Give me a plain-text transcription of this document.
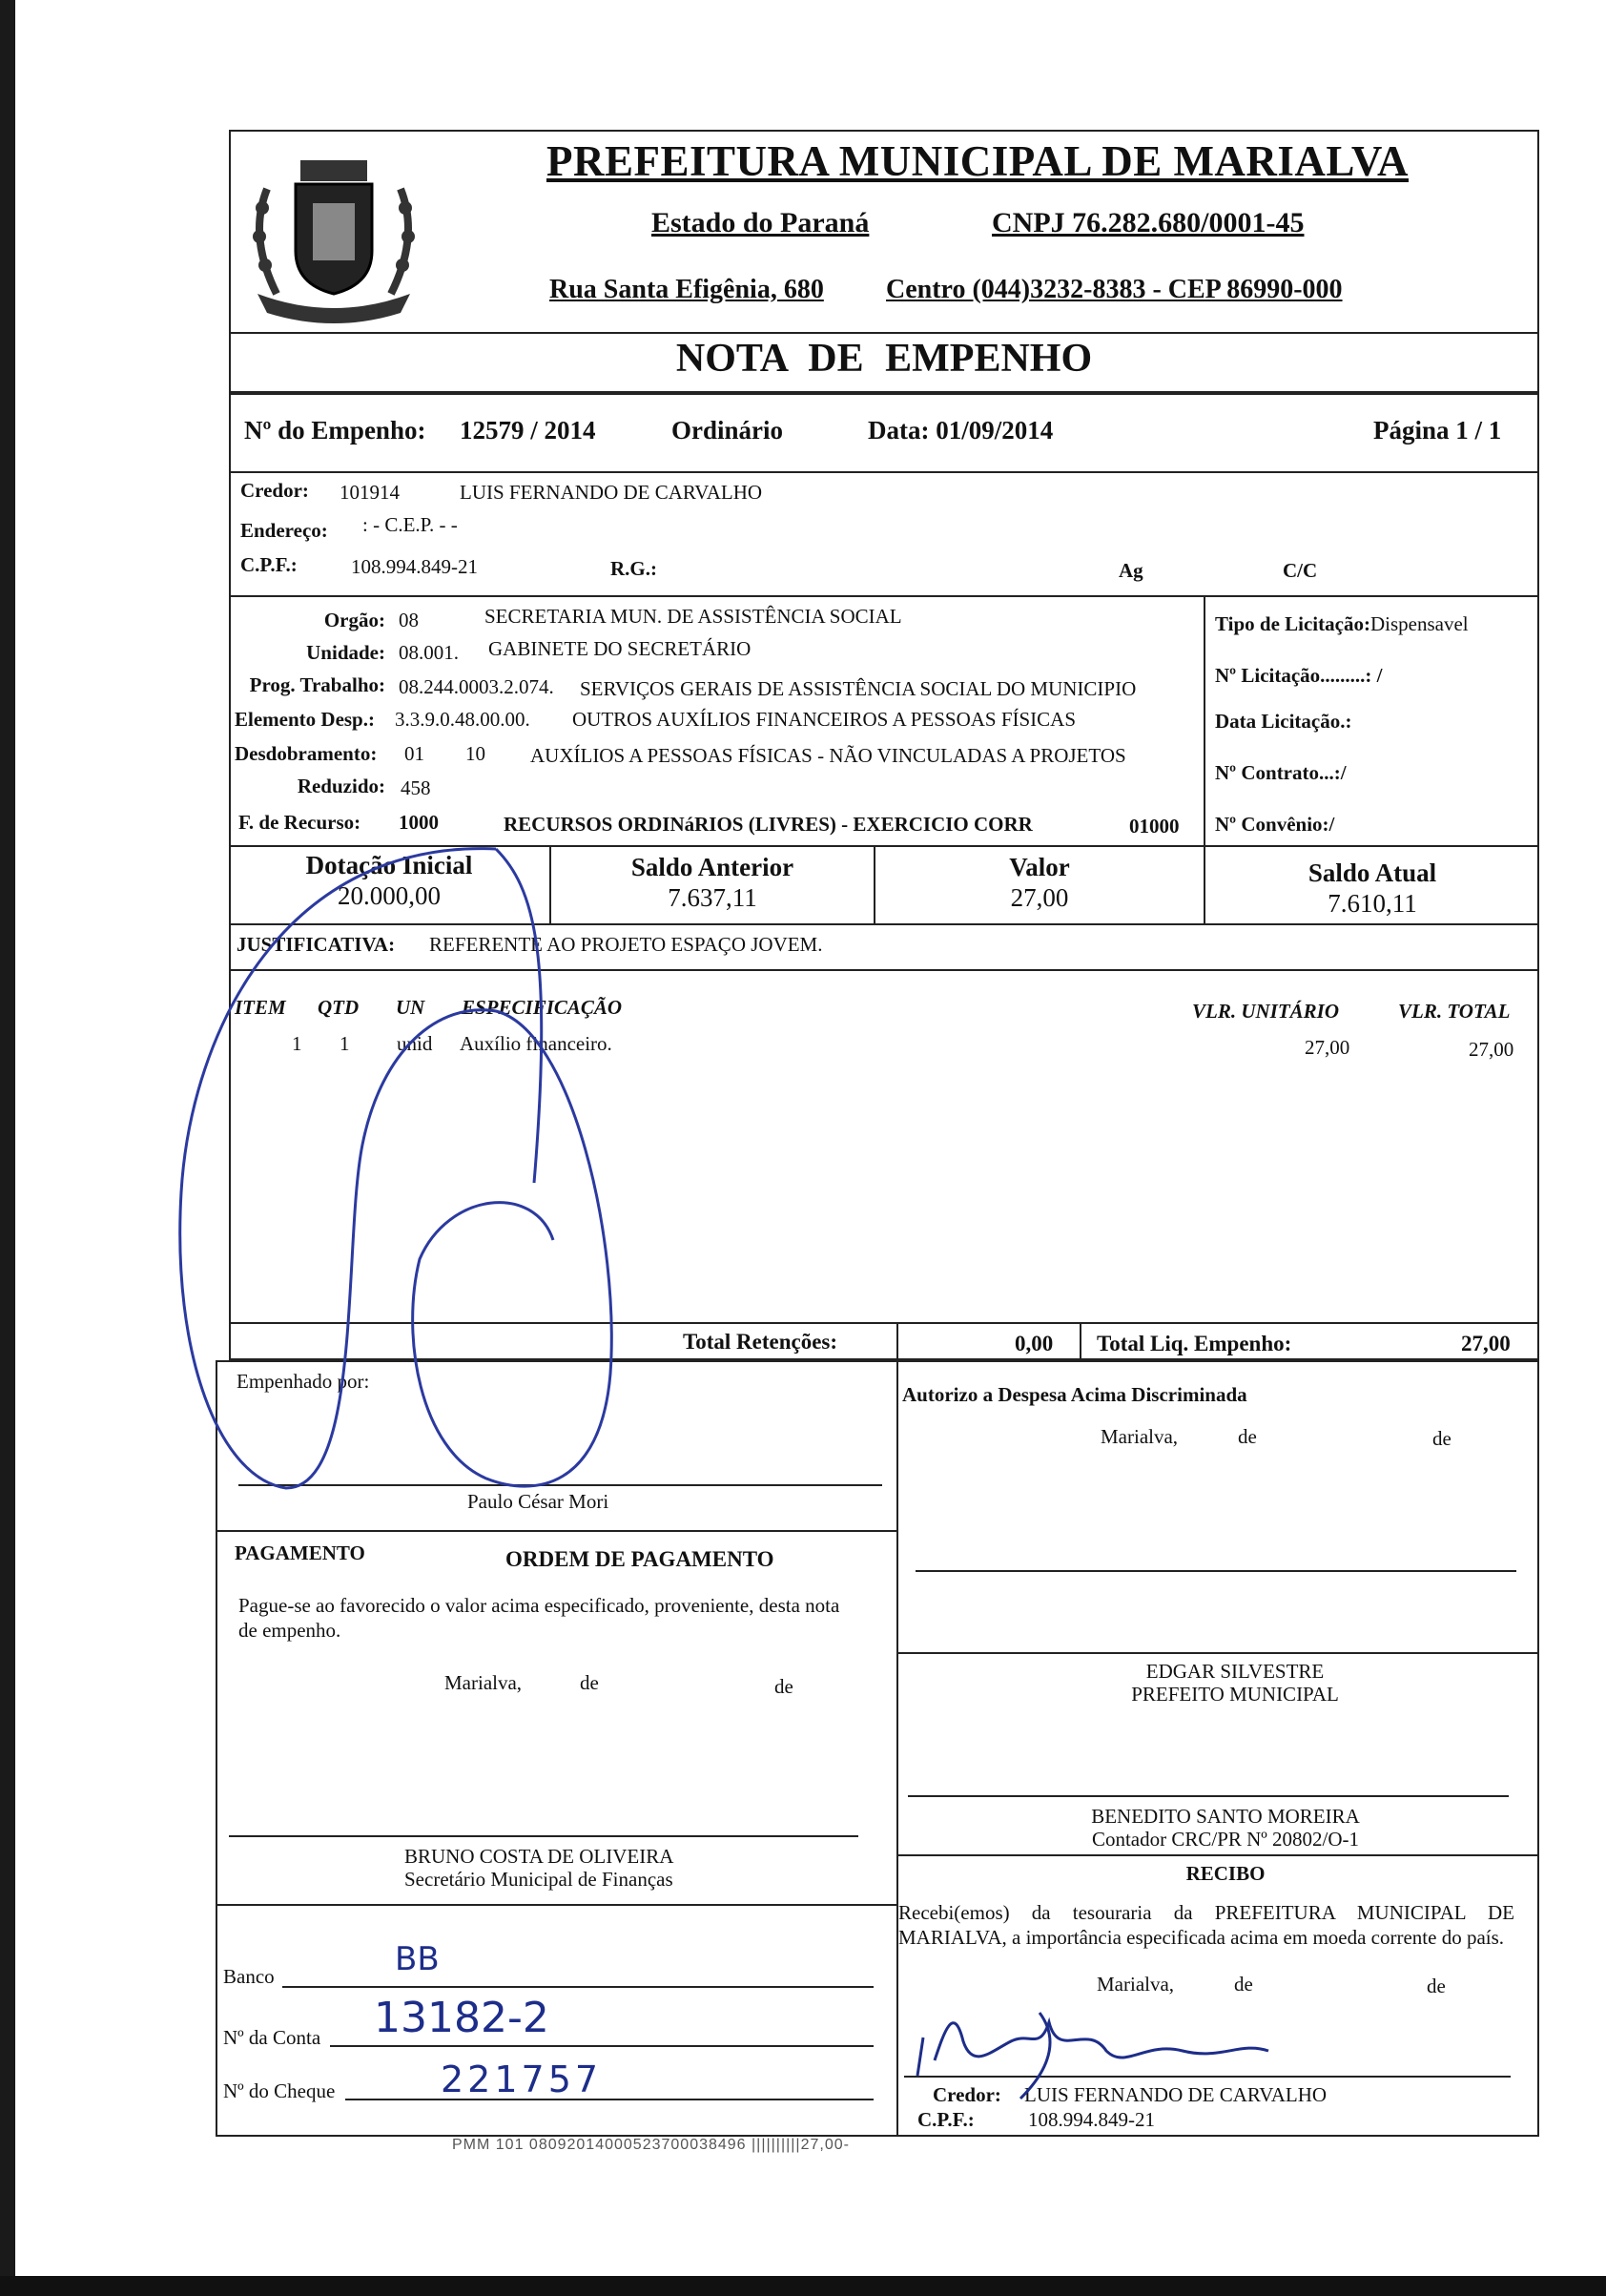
PREFEITURA MUNICIPAL DE MARIALVA
Estado do Paraná	CNPJ 76.282.680/0001-45
Rua Santa Efigênia, 680 Centro (044)3232-8383 - CEP 86990-000
NOTA DE EMPENHO
Nº do Empenho: 12579 / 2014	Ordinário	Data: 01/09/2014	Página 1 / 1
Credor: 101914	LUIS FERNANDO DE CARVALHO
Endereço: : - C.E.P. - -
C.P.F.:	108.994.849-21	R.G.:	Ag	C/C
Orgão: 08	SECRETARIA MUN. DE ASSISTÊNCIA SOCIAL
Unidade: 08.001. GABINETE DO SECRETÁRIO
Prog. Trabalho: 08.244.0003.2.074. SERVIÇOS GERAIS DE ASSISTÊNCIA SOCIAL DO MUNICIPIO
Elemento Desp.: 3.3.9.0.48.00.00. OUTROS AUXÍLIOS FINANCEIROS A PESSOAS FÍSICAS
Desdobramento: 01 10 AUXÍLIOS A PESSOAS FÍSICAS - NÃO VINCULADAS A PROJETOS
Reduzido: 458
F. de Recurso: 1000	RECURSOS ORDINáRIOS (LIVRES) - EXERCICIO CORR	01000
Tipo de Licitação:Dispensavel
Nº Licitação.........: /
Data Licitação.:
Nº Contrato...:/
Nº Convênio:/
Dotação Inicial
20.000,00
Saldo Anterior
7.637,11
Valor
27,00
Saldo Atual
7.610,11
JUSTIFICATIVA: REFERENTE AO PROJETO ESPAÇO JOVEM.
ITEM QTD UN ESPECIFICAÇÃO	VLR. UNITÁRIO	VLR. TOTAL
1 1 unid Auxílio financeiro.	27,00	27,00
Total Retenções:	0,00 Total Liq. Empenho:	27,00
Empenhado por:
Paulo César Mori
Autorizo a Despesa Acima Discriminada
Marialva,	de	de
PAGAMENTO	ORDEM DE PAGAMENTO
Pague-se ao favorecido o valor acima especificado, proveniente, desta nota de empenho.
Marialva,	de	de
BRUNO COSTA DE OLIVEIRA
Secretário Municipal de Finanças
EDGAR SILVESTRE
PREFEITO MUNICIPAL
BENEDITO SANTO MOREIRA
Contador CRC/PR Nº 20802/O-1
RECIBO
Recebi(emos) da tesouraria da PREFEITURA MUNICIPAL DE MARIALVA, a importância especificada acima em moeda corrente do país.
Marialva,	de	de
Credor: LUIS FERNANDO DE CARVALHO
C.P.F.:	108.994.849-21
Banco	BB
Nº da Conta 13182-2
Nº do Cheque	221757
PMM 101 08092014000523700038496 ||||||||||27,00-
